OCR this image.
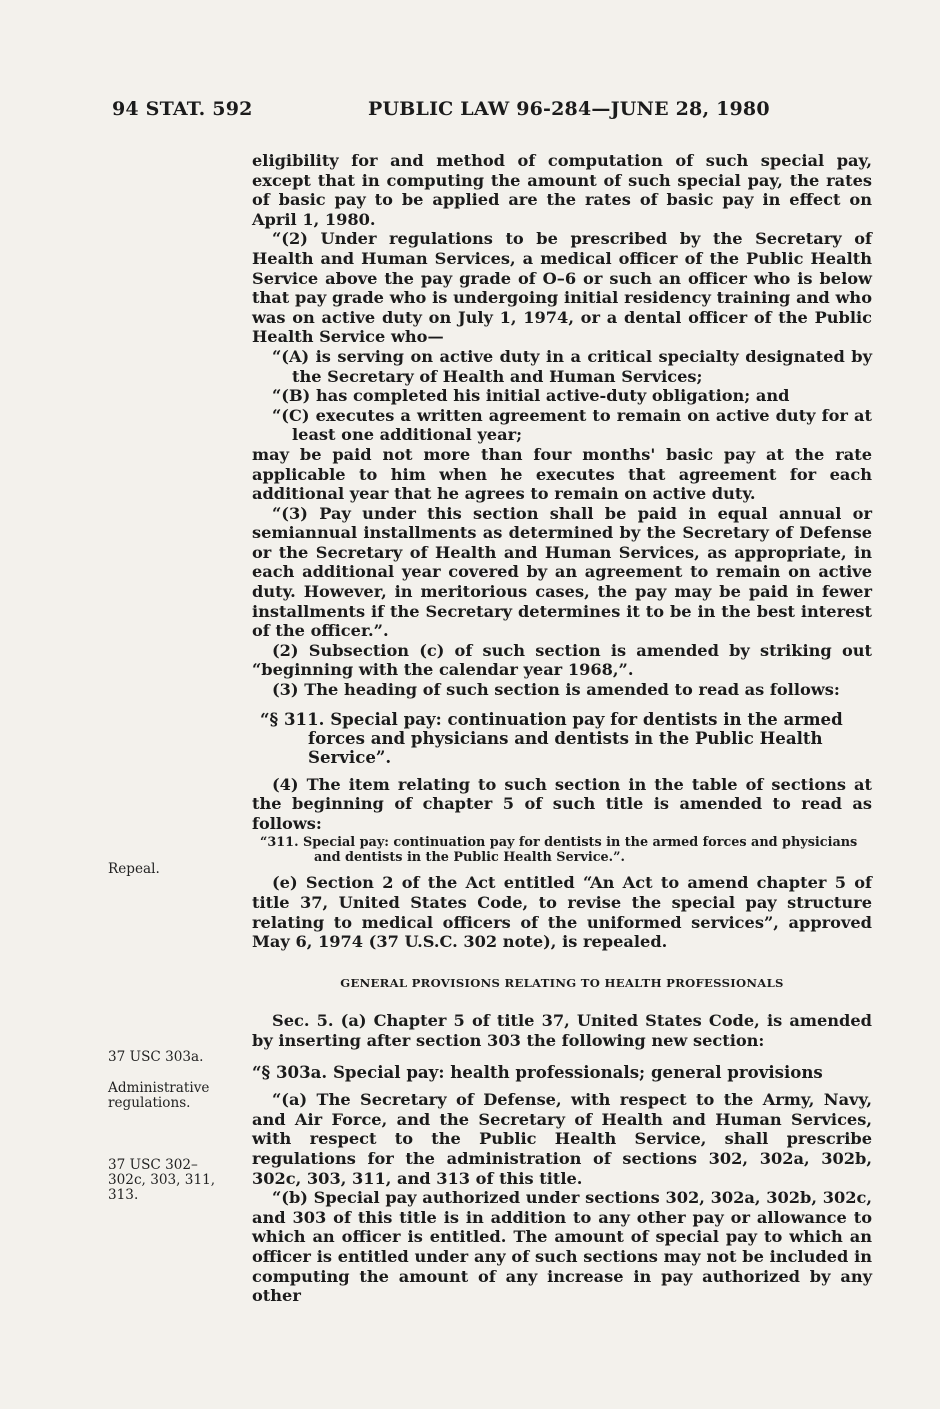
94 STAT. 592	PUBLIC LAW 96-284—JUNE 28, 1980
Repeal.
37 USC 303a.
Administrative regulations.
37 USC 302–302c, 303, 311, 313.

eligibility for and method of computation of such special pay, except that in computing the amount of such special pay, the rates of basic pay to be applied are the rates of basic pay in effect on April 1, 1980.

“(2) Under regulations to be prescribed by the Secretary of Health and Human Services, a medical officer of the Public Health Service above the pay grade of O–6 or such an officer who is below that pay grade who is undergoing initial residency training and who was on active duty on July 1, 1974, or a dental officer of the Public Health Service who—

“(A) is serving on active duty in a critical specialty designated by the Secretary of Health and Human Services;

“(B) has completed his initial active-duty obligation; and

“(C) executes a written agreement to remain on active duty for at least one additional year;

may be paid not more than four months' basic pay at the rate applicable to him when he executes that agreement for each additional year that he agrees to remain on active duty.

“(3) Pay under this section shall be paid in equal annual or semiannual installments as determined by the Secretary of Defense or the Secretary of Health and Human Services, as appropriate, in each additional year covered by an agreement to remain on active duty. However, in meritorious cases, the pay may be paid in fewer installments if the Secretary determines it to be in the best interest of the officer.”.

(2) Subsection (c) of such section is amended by striking out “beginning with the calendar year 1968,”.

(3) The heading of such section is amended to read as follows:

“§ 311. Special pay: continuation pay for dentists in the armed forces and physicians and dentists in the Public Health Service”.

(4) The item relating to such section in the table of sections at the beginning of chapter 5 of such title is amended to read as follows:

“311. Special pay: continuation pay for dentists in the armed forces and physicians and dentists in the Public Health Service.”.

(e) Section 2 of the Act entitled “An Act to amend chapter 5 of title 37, United States Code, to revise the special pay structure relating to medical officers of the uniformed services”, approved May 6, 1974 (37 U.S.C. 302 note), is repealed.

GENERAL PROVISIONS RELATING TO HEALTH PROFESSIONALS

Sec. 5. (a) Chapter 5 of title 37, United States Code, is amended by inserting after section 303 the following new section:

“§ 303a. Special pay: health professionals; general provisions

“(a) The Secretary of Defense, with respect to the Army, Navy, and Air Force, and the Secretary of Health and Human Services, with respect to the Public Health Service, shall prescribe regulations for the administration of sections 302, 302a, 302b, 302c, 303, 311, and 313 of this title.

“(b) Special pay authorized under sections 302, 302a, 302b, 302c, and 303 of this title is in addition to any other pay or allowance to which an officer is entitled. The amount of special pay to which an officer is entitled under any of such sections may not be included in computing the amount of any increase in pay authorized by any other
